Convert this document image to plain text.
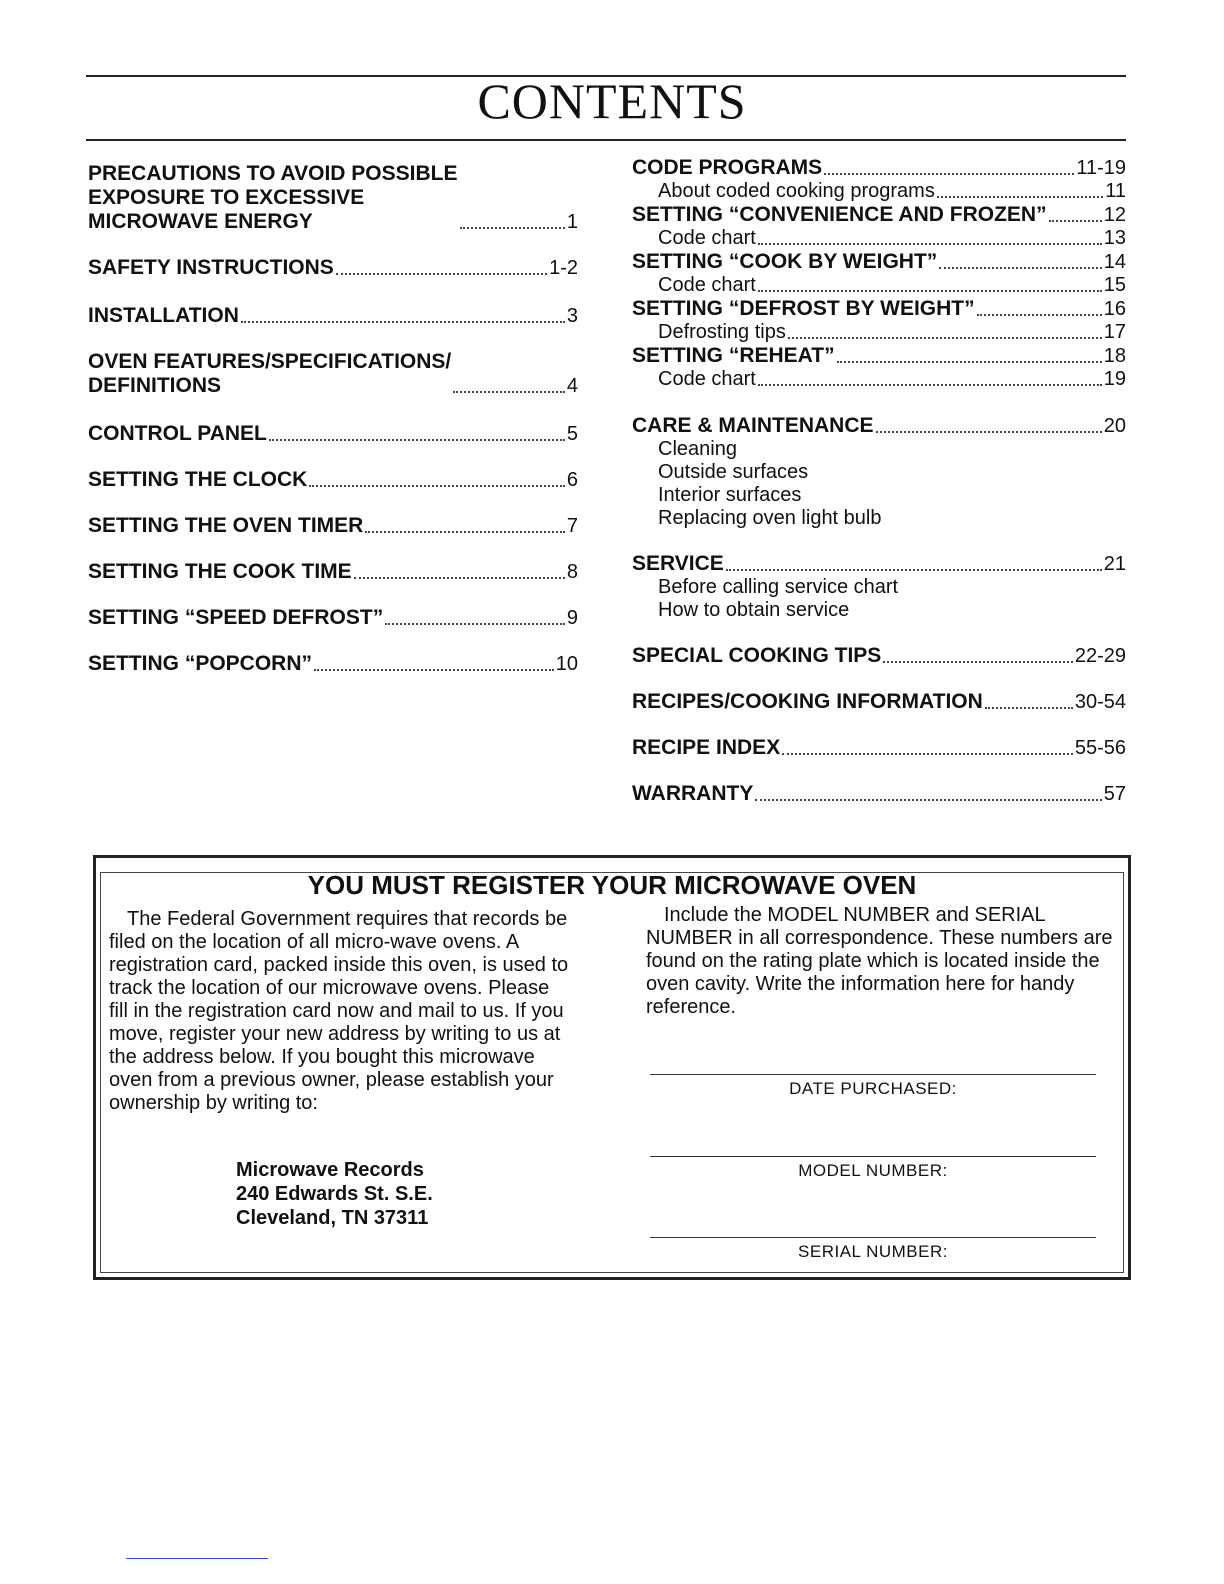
CONTENTS
PRECAUTIONS TO AVOID POSSIBLE
EXPOSURE TO EXCESSIVE
MICROWAVE ENERGY	1
SAFETY INSTRUCTIONS	1-2
INSTALLATION	3
OVEN FEATURES/SPECIFICATIONS/
DEFINITIONS	4
CONTROL PANEL	5
SETTING THE CLOCK	6
SETTING THE OVEN TIMER	7
SETTING THE COOK TIME	8
SETTING “SPEED DEFROST”	9
SETTING “POPCORN”	10
CODE PROGRAMS	11-19
About coded cooking programs	11
SETTING “CONVENIENCE AND FROZEN”	12
Code chart	13
SETTING “COOK BY WEIGHT”	14
Code chart	15
SETTING “DEFROST BY WEIGHT”	16
Defrosting tips	17
SETTING “REHEAT”	18
Code chart	19
CARE & MAINTENANCE	20
Cleaning
Outside surfaces
Interior surfaces
Replacing oven light bulb
SERVICE	21
Before calling service chart
How to obtain service
SPECIAL COOKING TIPS	22-29
RECIPES/COOKING INFORMATION	30-54
RECIPE INDEX	55-56
WARRANTY	57
YOU MUST REGISTER YOUR MICROWAVE OVEN

The Federal Government requires that records be filed on the location of all micro-wave ovens. A registration card, packed inside this oven, is used to track the location of our microwave ovens. Please fill in the registration card now and mail to us. If you move, register your new address by writing to us at the address below. If you bought this microwave oven from a previous owner, please establish your ownership by writing to:

Microwave Records
240 Edwards St. S.E.
Cleveland, TN 37311

Include the MODEL NUMBER and SERIAL NUMBER in all correspondence. These numbers are found on the rating plate which is located inside the oven cavity. Write the information here for handy reference.

DATE PURCHASED:
MODEL NUMBER:
SERIAL NUMBER:
